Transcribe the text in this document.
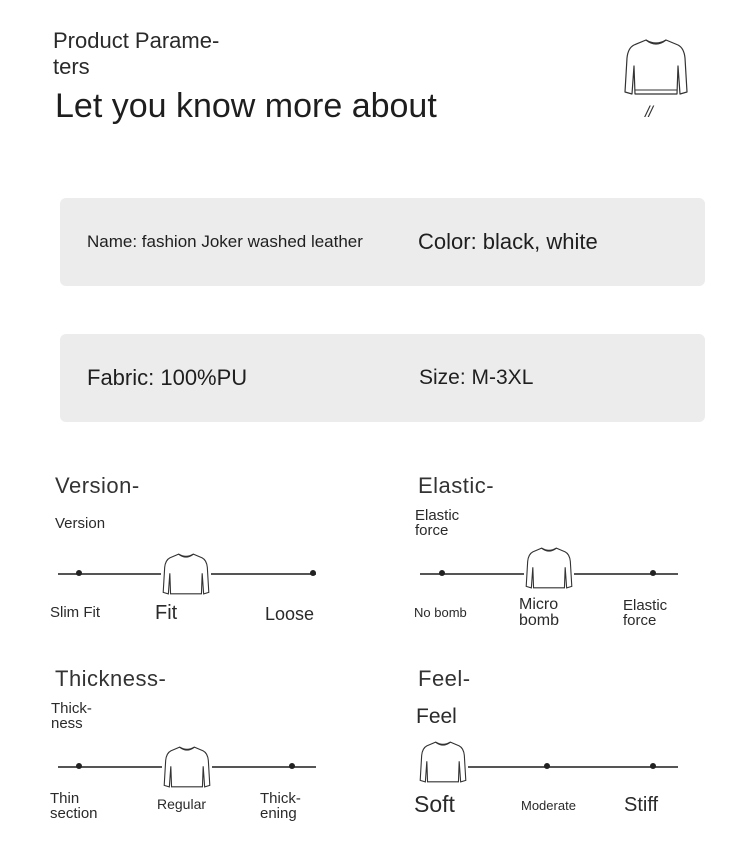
Product Parame-
ters
Let you know more about	//
Name: fashion Joker washed leather	Color: black, white
Fabric: 100%PU	Size: M-3XL
Version-
Version
Slim Fit	Fit	Loose
Elastic-
Elastic
force
No bomb	Micro
bomb
Elastic
force
Thickness-
Thick-
ness
Thin
section
Regular	Thick-
ening
Feel-
Feel
Soft	Moderate Stiff
